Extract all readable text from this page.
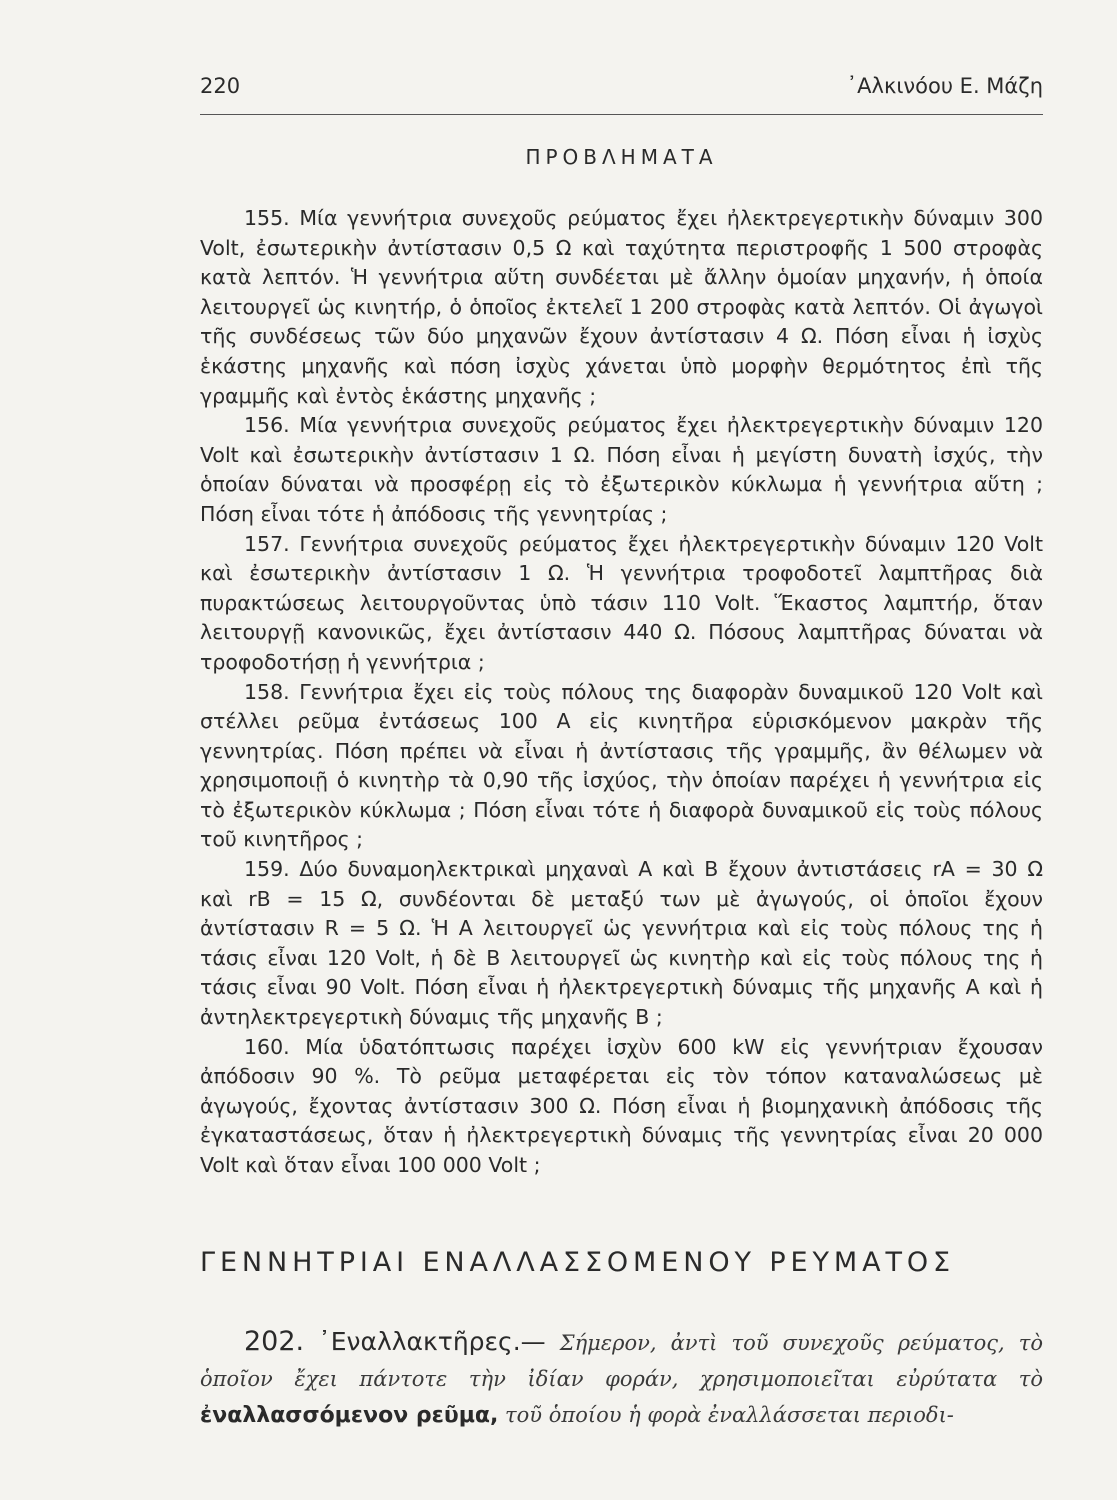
220	᾿Αλκινόου Ε. Μάζη
ΠΡΟΒΛΗΜΑΤΑ

155. Μία γεννήτρια συνεχοῦς ρεύματος ἔχει ἠλεκτρεγερτικὴν δύναμιν 300 Volt, ἐσωτερικὴν ἀντίστασιν 0,5 Ω καὶ ταχύτητα περιστροφῆς 1 500 στροφὰς κατὰ λεπτόν. Ἡ γεννήτρια αὕτη συνδέεται μὲ ἄλλην ὁμοίαν μηχανήν, ἡ ὁποία λειτουργεῖ ὡς κινητήρ, ὁ ὁποῖος ἐκτελεῖ 1 200 στροφὰς κατὰ λεπτόν. Οἱ ἀγωγοὶ τῆς συνδέσεως τῶν δύο μηχανῶν ἔχουν ἀντίστασιν 4 Ω. Πόση εἶναι ἡ ἰσχὺς ἑκάστης μηχανῆς καὶ πόση ἰσχὺς χάνεται ὑπὸ μορφὴν θερμότητος ἐπὶ τῆς γραμμῆς καὶ ἐντὸς ἑκάστης μηχανῆς ;

156. Μία γεννήτρια συνεχοῦς ρεύματος ἔχει ἠλεκτρεγερτικὴν δύναμιν 120 Volt καὶ ἐσωτερικὴν ἀντίστασιν 1 Ω. Πόση εἶναι ἡ μεγίστη δυνατὴ ἰσχύς, τὴν ὁποίαν δύναται νὰ προσφέρῃ εἰς τὸ ἐξωτερικὸν κύκλωμα ἡ γεννήτρια αὕτη ; Πόση εἶναι τότε ἡ ἀπόδοσις τῆς γεννητρίας ;

157. Γεννήτρια συνεχοῦς ρεύματος ἔχει ἠλεκτρεγερτικὴν δύναμιν 120 Volt καὶ ἐσωτερικὴν ἀντίστασιν 1 Ω. Ἡ γεννήτρια τροφοδοτεῖ λαμπτῆρας διὰ πυρακτώσεως λειτουργοῦντας ὑπὸ τάσιν 110 Volt. Ἕκαστος λαμπτήρ, ὅταν λειτουργῇ κανονικῶς, ἔχει ἀντίστασιν 440 Ω. Πόσους λαμπτῆρας δύναται νὰ τροφοδοτήσῃ ἡ γεννήτρια ;

158. Γεννήτρια ἔχει εἰς τοὺς πόλους της διαφορὰν δυναμικοῦ 120 Volt καὶ στέλλει ρεῦμα ἐντάσεως 100 A εἰς κινητῆρα εὑρισκόμενον μακρὰν τῆς γεννητρίας. Πόση πρέπει νὰ εἶναι ἡ ἀντίστασις τῆς γραμμῆς, ἂν θέλωμεν νὰ χρησιμοποιῇ ὁ κινητὴρ τὰ 0,90 τῆς ἰσχύος, τὴν ὁποίαν παρέχει ἡ γεννήτρια εἰς τὸ ἐξωτερικὸν κύκλωμα ; Πόση εἶναι τότε ἡ διαφορὰ δυναμικοῦ εἰς τοὺς πόλους τοῦ κινητῆρος ;

159. Δύο δυναμοηλεκτρικαὶ μηχαναὶ A καὶ B ἔχουν ἀντιστάσεις rA = 30 Ω καὶ rB = 15 Ω, συνδέονται δὲ μεταξύ των μὲ ἀγωγούς, οἱ ὁποῖοι ἔχουν ἀντίστασιν R = 5 Ω. Ἡ A λειτουργεῖ ὡς γεννήτρια καὶ εἰς τοὺς πόλους της ἡ τάσις εἶναι 120 Volt, ἡ δὲ B λειτουργεῖ ὡς κινητὴρ καὶ εἰς τοὺς πόλους της ἡ τάσις εἶναι 90 Volt. Πόση εἶναι ἡ ἠλεκτρεγερτικὴ δύναμις τῆς μηχανῆς A καὶ ἡ ἀντηλεκτρεγερτικὴ δύναμις τῆς μηχανῆς B ;

160. Μία ὑδατόπτωσις παρέχει ἰσχὺν 600 kW εἰς γεννήτριαν ἔχουσαν ἀπόδοσιν 90 %. Τὸ ρεῦμα μεταφέρεται εἰς τὸν τόπον καταναλώσεως μὲ ἀγωγούς, ἔχοντας ἀντίστασιν 300 Ω. Πόση εἶναι ἡ βιομηχανικὴ ἀπόδοσις τῆς ἐγκαταστάσεως, ὅταν ἡ ἠλεκτρεγερτικὴ δύναμις τῆς γεννητρίας εἶναι 20 000 Volt καὶ ὅταν εἶναι 100 000 Volt ;

ΓΕΝΝΗΤΡΙΑΙ ΕΝΑΛΛΑΣΣΟΜΕΝΟΥ ΡΕΥΜΑΤΟΣ

202. ᾿Εναλλακτῆρες.— Σήμερον, ἀντὶ τοῦ συνεχοῦς ρεύματος, τὸ ὁποῖον ἔχει πάντοτε τὴν ἰδίαν φοράν, χρησιμοποιεῖται εὐρύτατα τὸ ἐναλλασσόμενον ρεῦμα, τοῦ ὁποίου ἡ φορὰ ἐναλλάσσεται περιοδι-
